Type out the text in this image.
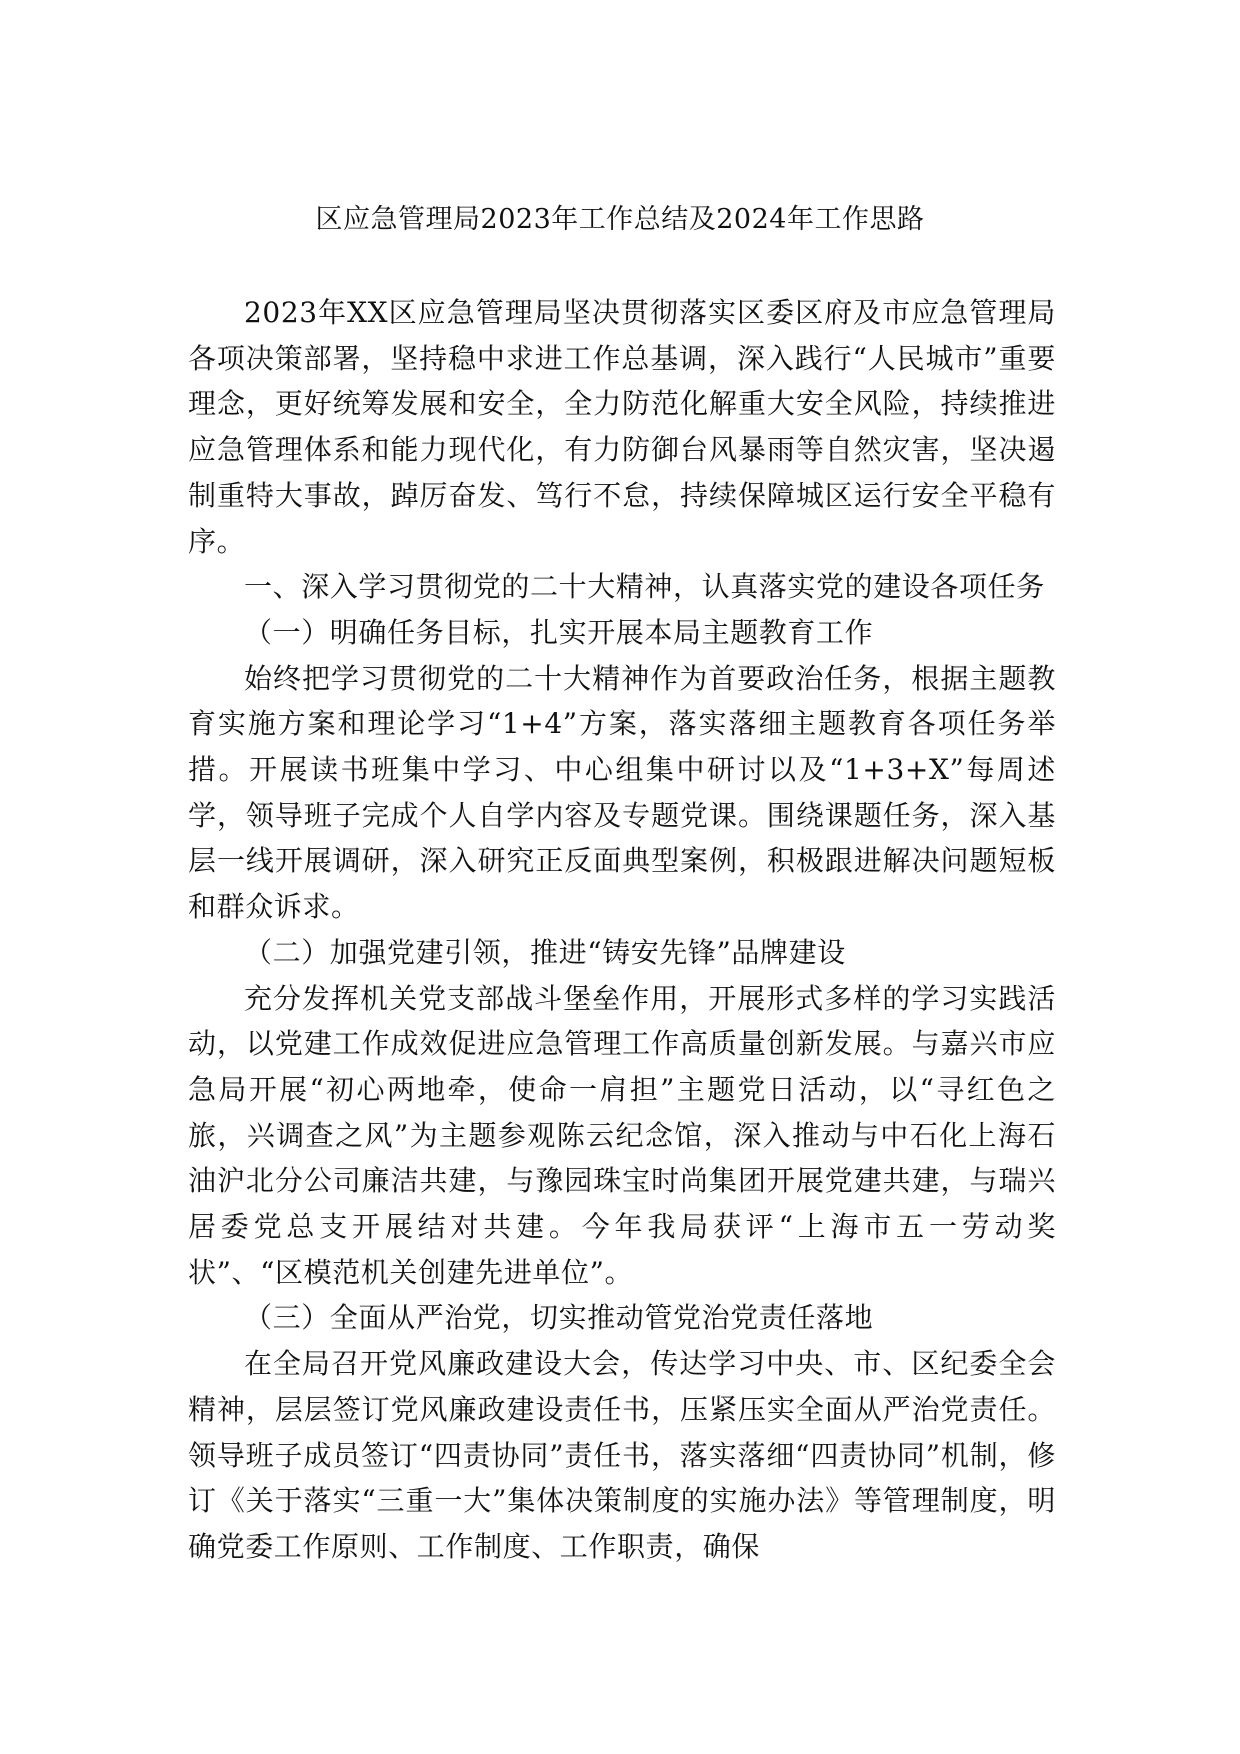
区应急管理局2023年工作总结及2024年工作思路

2023年XX区应急管理局坚决贯彻落实区委区府及市应急管理局各项决策部署，坚持稳中求进工作总基调，深入践行“人民城市”重要理念，更好统筹发展和安全，全力防范化解重大安全风险，持续推进应急管理体系和能力现代化，有力防御台风暴雨等自然灾害，坚决遏制重特大事故，踔厉奋发、笃行不怠，持续保障城区运行安全平稳有序。

一、深入学习贯彻党的二十大精神，认真落实党的建设各项任务

（一）明确任务目标，扎实开展本局主题教育工作

始终把学习贯彻党的二十大精神作为首要政治任务，根据主题教育实施方案和理论学习“1+4”方案，落实落细主题教育各项任务举措。开展读书班集中学习、中心组集中研讨以及“1+3+X”每周述学，领导班子完成个人自学内容及专题党课。围绕课题任务，深入基层一线开展调研，深入研究正反面典型案例，积极跟进解决问题短板和群众诉求。

（二）加强党建引领，推进“铸安先锋”品牌建设

充分发挥机关党支部战斗堡垒作用，开展形式多样的学习实践活动，以党建工作成效促进应急管理工作高质量创新发展。与嘉兴市应急局开展“初心两地牵，使命一肩担”主题党日活动，以“寻红色之旅，兴调查之风”为主题参观陈云纪念馆，深入推动与中石化上海石油沪北分公司廉洁共建，与豫园珠宝时尚集团开展党建共建，与瑞兴居委党总支开展结对共建。今年我局获评“上海市五一劳动奖状”、“区模范机关创建先进单位”。

（三）全面从严治党，切实推动管党治党责任落地

在全局召开党风廉政建设大会，传达学习中央、市、区纪委全会精神，层层签订党风廉政建设责任书，压紧压实全面从严治党责任。领导班子成员签订“四责协同”责任书，落实落细“四责协同”机制，修订《关于落实“三重一大”集体决策制度的实施办法》等管理制度，明确党委工作原则、工作制度、工作职责，确保
